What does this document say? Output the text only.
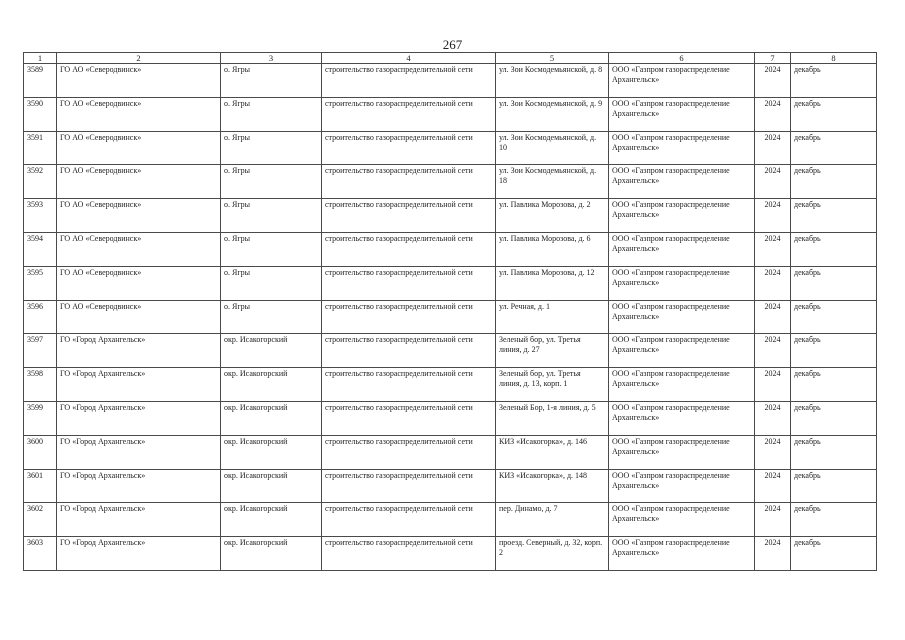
267
1	2	3	4	5	6	7	8
3589	ГО АО «Северодвинск»	о. Ягры	строительство газораспределительной сети	ул. Зои Космодемьянской, д. 8	ООО «Газпром газораспределение Архангельск»	2024	декабрь
3590	ГО АО «Северодвинск»	о. Ягры	строительство газораспределительной сети	ул. Зои Космодемьянской, д. 9	ООО «Газпром газораспределение Архангельск»	2024	декабрь
3591	ГО АО «Северодвинск»	о. Ягры	строительство газораспределительной сети	ул. Зои Космодемьянской, д. 10	ООО «Газпром газораспределение Архангельск»	2024	декабрь
3592	ГО АО «Северодвинск»	о. Ягры	строительство газораспределительной сети	ул. Зои Космодемьянской, д. 18	ООО «Газпром газораспределение Архангельск»	2024	декабрь
3593	ГО АО «Северодвинск»	о. Ягры	строительство газораспределительной сети	ул. Павлика Морозова, д. 2	ООО «Газпром газораспределение Архангельск»	2024	декабрь
3594	ГО АО «Северодвинск»	о. Ягры	строительство газораспределительной сети	ул. Павлика Морозова, д. 6	ООО «Газпром газораспределение Архангельск»	2024	декабрь
3595	ГО АО «Северодвинск»	о. Ягры	строительство газораспределительной сети	ул. Павлика Морозова, д. 12	ООО «Газпром газораспределение Архангельск»	2024	декабрь
3596	ГО АО «Северодвинск»	о. Ягры	строительство газораспределительной сети	ул. Речная, д. 1	ООО «Газпром газораспределение Архангельск»	2024	декабрь
3597	ГО «Город Архангельск»	окр. Исакогорский	строительство газораспределительной сети	Зеленый бор, ул. Третья линия, д. 27	ООО «Газпром газораспределение Архангельск»	2024	декабрь
3598	ГО «Город Архангельск»	окр. Исакогорский	строительство газораспределительной сети	Зеленый бор, ул. Третья линия, д. 13, корп. 1	ООО «Газпром газораспределение Архангельск»	2024	декабрь
3599	ГО «Город Архангельск»	окр. Исакогорский	строительство газораспределительной сети	Зеленый Бор, 1-я линия, д. 5	ООО «Газпром газораспределение Архангельск»	2024	декабрь
3600	ГО «Город Архангельск»	окр. Исакогорский	строительство газораспределительной сети	КИЗ «Исакогорка», д. 146	ООО «Газпром газораспределение Архангельск»	2024	декабрь
3601	ГО «Город Архангельск»	окр. Исакогорский	строительство газораспределительной сети	КИЗ «Исакогорка», д. 148	ООО «Газпром газораспределение Архангельск»	2024	декабрь
3602	ГО «Город Архангельск»	окр. Исакогорский	строительство газораспределительной сети	пер. Динамо, д. 7	ООО «Газпром газораспределение Архангельск»	2024	декабрь
3603	ГО «Город Архангельск»	окр. Исакогорский	строительство газораспределительной сети	проезд. Северный, д. 32, корп. 2	ООО «Газпром газораспределение Архангельск»	2024	декабрь
